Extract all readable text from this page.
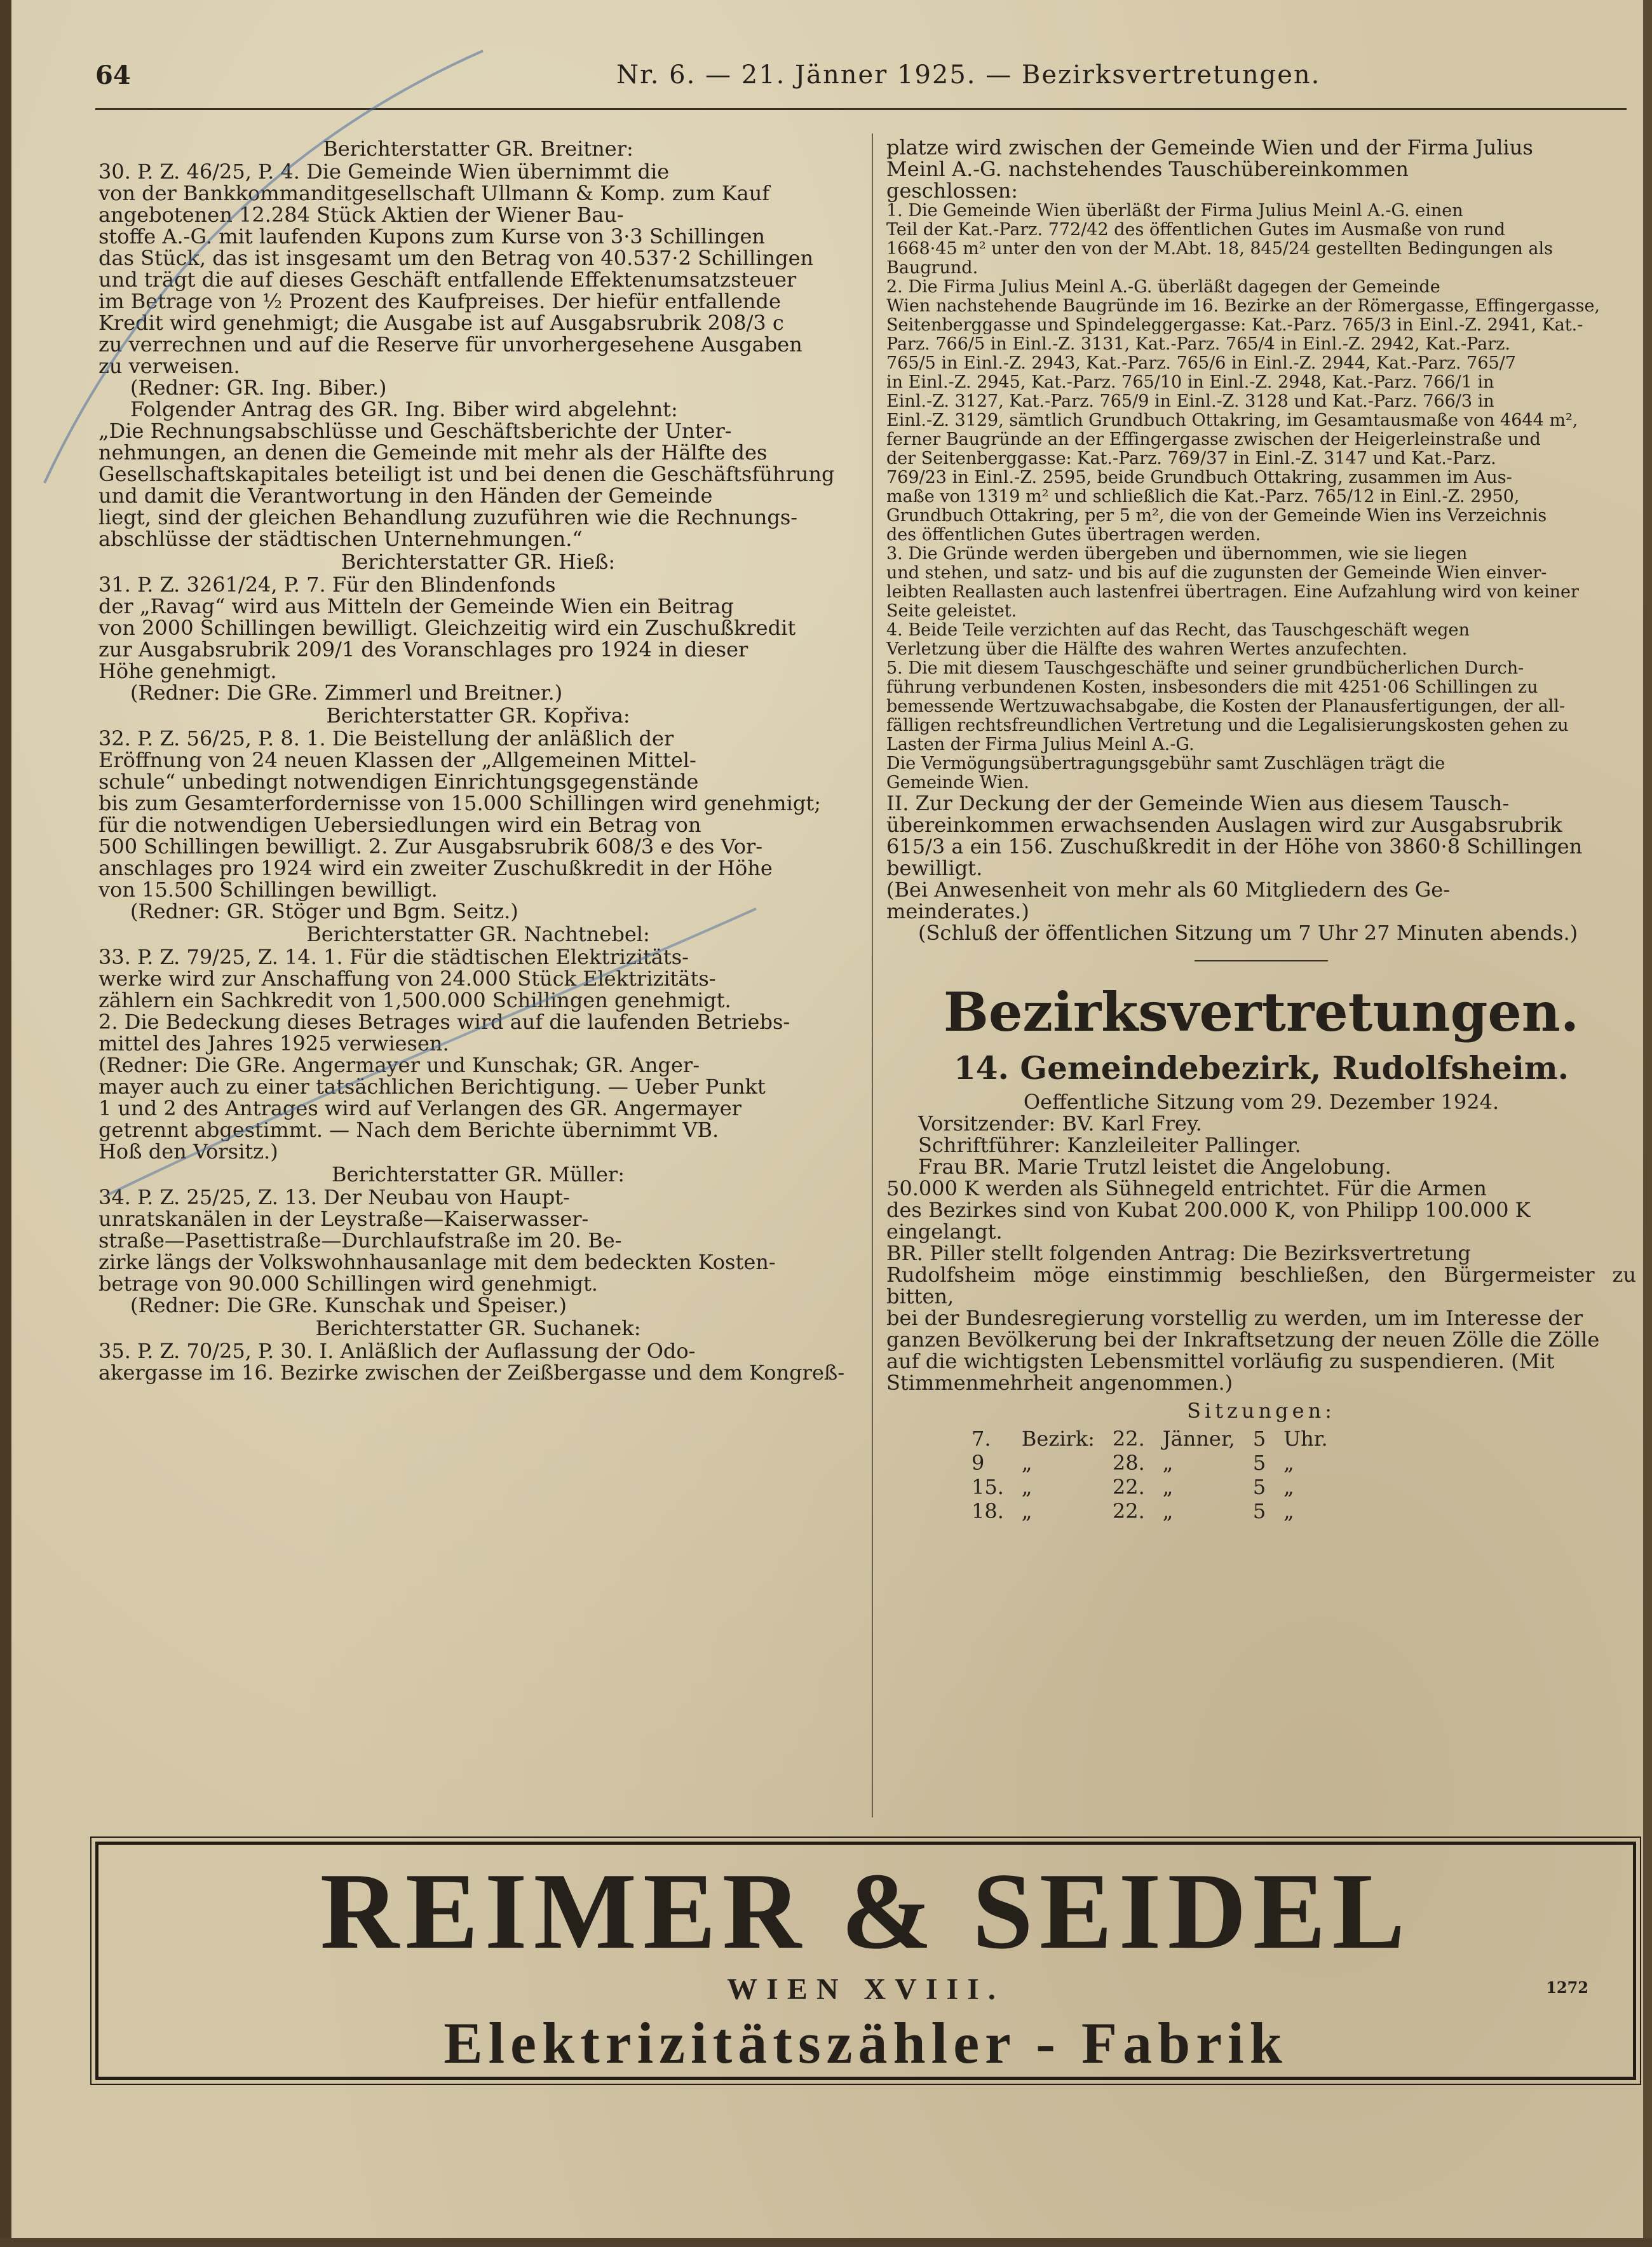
64	Nr. 6. — 21. Jänner 1925. — Bezirksvertretungen.
Berichterstatter GR. Breitner:
30. P. Z. 46/25, P. 4. Die Gemeinde Wien übernimmt die
von der Bankkommanditgesellschaft Ullmann & Komp. zum Kauf
angebotenen 12.284 Stück Aktien der Wiener Bau-
stoffe A.-G. mit laufenden Kupons zum Kurse von 3·3 Schillingen
das Stück, das ist insgesamt um den Betrag von 40.537·2 Schillingen
und trägt die auf dieses Geschäft entfallende Effektenumsatzsteuer
im Betrage von ½ Prozent des Kaufpreises. Der hiefür entfallende
Kredit wird genehmigt; die Ausgabe ist auf Ausgabsrubrik 208/3 c
zu verrechnen und auf die Reserve für unvorhergesehene Ausgaben
zu verweisen.
(Redner: GR. Ing. Biber.)
Folgender Antrag des GR. Ing. Biber wird abgelehnt:
„Die Rechnungsabschlüsse und Geschäftsberichte der Unter-
nehmungen, an denen die Gemeinde mit mehr als der Hälfte des
Gesellschaftskapitales beteiligt ist und bei denen die Geschäftsführung
und damit die Verantwortung in den Händen der Gemeinde
liegt, sind der gleichen Behandlung zuzuführen wie die Rechnungs-
abschlüsse der städtischen Unternehmungen.“
Berichterstatter GR. Hieß:
31. P. Z. 3261/24, P. 7. Für den Blindenfonds
der „Ravag“ wird aus Mitteln der Gemeinde Wien ein Beitrag
von 2000 Schillingen bewilligt. Gleichzeitig wird ein Zuschußkredit
zur Ausgabsrubrik 209/1 des Voranschlages pro 1924 in dieser
Höhe genehmigt.
(Redner: Die GRe. Zimmerl und Breitner.)
Berichterstatter GR. Kopřiva:
32. P. Z. 56/25, P. 8. 1. Die Beistellung der anläßlich der
Eröffnung von 24 neuen Klassen der „Allgemeinen Mittel-
schule“ unbedingt notwendigen Einrichtungsgegenstände
bis zum Gesamterfordernisse von 15.000 Schillingen wird genehmigt;
für die notwendigen Uebersiedlungen wird ein Betrag von
500 Schillingen bewilligt. 2. Zur Ausgabsrubrik 608/3 e des Vor-
anschlages pro 1924 wird ein zweiter Zuschußkredit in der Höhe
von 15.500 Schillingen bewilligt.
(Redner: GR. Stöger und Bgm. Seitz.)
Berichterstatter GR. Nachtnebel:
33. P. Z. 79/25, Z. 14. 1. Für die städtischen Elektrizitäts-
werke wird zur Anschaffung von 24.000 Stück Elektrizitäts-
zählern ein Sachkredit von 1,500.000 Schillingen genehmigt.
2. Die Bedeckung dieses Betrages wird auf die laufenden Betriebs-
mittel des Jahres 1925 verwiesen.
(Redner: Die GRe. Angermayer und Kunschak; GR. Anger-
mayer auch zu einer tatsächlichen Berichtigung. — Ueber Punkt
1 und 2 des Antrages wird auf Verlangen des GR. Angermayer
getrennt abgestimmt. — Nach dem Berichte übernimmt VB.
Hoß den Vorsitz.)
Berichterstatter GR. Müller:
34. P. Z. 25/25, Z. 13. Der Neubau von Haupt-
unratskanälen in der Leystraße—Kaiserwasser-
straße—Pasettistraße—Durchlaufstraße im 20. Be-
zirke längs der Volkswohnhausanlage mit dem bedeckten Kosten-
betrage von 90.000 Schillingen wird genehmigt.
(Redner: Die GRe. Kunschak und Speiser.)
Berichterstatter GR. Suchanek:
35. P. Z. 70/25, P. 30. I. Anläßlich der Auflassung der Odo-
akergasse im 16. Bezirke zwischen der Zeißbergasse und dem Kongreß-
platze wird zwischen der Gemeinde Wien und der Firma Julius
Meinl A.-G. nachstehendes Tauschübereinkommen
geschlossen:
1. Die Gemeinde Wien überläßt der Firma Julius Meinl A.-G. einen
Teil der Kat.-Parz. 772/42 des öffentlichen Gutes im Ausmaße von rund
1668·45 m² unter den von der M.Abt. 18, 845/24 gestellten Bedingungen als
Baugrund.
2. Die Firma Julius Meinl A.-G. überläßt dagegen der Gemeinde
Wien nachstehende Baugründe im 16. Bezirke an der Römergasse, Effingergasse,
Seitenberggasse und Spindeleggergasse: Kat.-Parz. 765/3 in Einl.-Z. 2941, Kat.-
Parz. 766/5 in Einl.-Z. 3131, Kat.-Parz. 765/4 in Einl.-Z. 2942, Kat.-Parz.
765/5 in Einl.-Z. 2943, Kat.-Parz. 765/6 in Einl.-Z. 2944, Kat.-Parz. 765/7
in Einl.-Z. 2945, Kat.-Parz. 765/10 in Einl.-Z. 2948, Kat.-Parz. 766/1 in
Einl.-Z. 3127, Kat.-Parz. 765/9 in Einl.-Z. 3128 und Kat.-Parz. 766/3 in
Einl.-Z. 3129, sämtlich Grundbuch Ottakring, im Gesamtausmaße von 4644 m²,
ferner Baugründe an der Effingergasse zwischen der Heigerleinstraße und
der Seitenberggasse: Kat.-Parz. 769/37 in Einl.-Z. 3147 und Kat.-Parz.
769/23 in Einl.-Z. 2595, beide Grundbuch Ottakring, zusammen im Aus-
maße von 1319 m² und schließlich die Kat.-Parz. 765/12 in Einl.-Z. 2950,
Grundbuch Ottakring, per 5 m², die von der Gemeinde Wien ins Verzeichnis
des öffentlichen Gutes übertragen werden.
3. Die Gründe werden übergeben und übernommen, wie sie liegen
und stehen, und satz- und bis auf die zugunsten der Gemeinde Wien einver-
leibten Reallasten auch lastenfrei übertragen. Eine Aufzahlung wird von keiner
Seite geleistet.
4. Beide Teile verzichten auf das Recht, das Tauschgeschäft wegen
Verletzung über die Hälfte des wahren Wertes anzufechten.
5. Die mit diesem Tauschgeschäfte und seiner grundbücherlichen Durch-
führung verbundenen Kosten, insbesonders die mit 4251·06 Schillingen zu
bemessende Wertzuwachsabgabe, die Kosten der Planausfertigungen, der all-
fälligen rechtsfreundlichen Vertretung und die Legalisierungskosten gehen zu
Lasten der Firma Julius Meinl A.-G.
Die Vermögungsübertragungsgebühr samt Zuschlägen trägt die
Gemeinde Wien.
II. Zur Deckung der der Gemeinde Wien aus diesem Tausch-
übereinkommen erwachsenden Auslagen wird zur Ausgabsrubrik
615/3 a ein 156. Zuschußkredit in der Höhe von 3860·8 Schillingen
bewilligt.
(Bei Anwesenheit von mehr als 60 Mitgliedern des Ge-
meinderates.)
(Schluß der öffentlichen Sitzung um 7 Uhr 27 Minuten abends.)
Bezirksvertretungen.
14. Gemeindebezirk, Rudolfsheim.
Oeffentliche Sitzung vom 29. Dezember 1924.
Vorsitzender: BV. Karl Frey.
Schriftführer: Kanzleileiter Pallinger.
Frau BR. Marie Trutzl leistet die Angelobung.
50.000 K werden als Sühnegeld entrichtet. Für die Armen
des Bezirkes sind von Kubat 200.000 K, von Philipp 100.000 K
eingelangt.
BR. Piller stellt folgenden Antrag: Die Bezirksvertretung
Rudolfsheim möge einstimmig beschließen, den Bürgermeister zu bitten,
bei der Bundesregierung vorstellig zu werden, um im Interesse der
ganzen Bevölkerung bei der Inkraftsetzung der neuen Zölle die Zölle
auf die wichtigsten Lebensmittel vorläufig zu suspendieren. (Mit
Stimmenmehrheit angenommen.)
Sitzungen:
7.	Bezirk:	22.	Jänner,	5	Uhr.
9	„	28.	„	5	„
15.	„	22.	„	5	„
18.	„	22.	„	5	„
REIMER & SEIDEL
WIEN XVIII.	1272
Elektrizitätszähler - Fabrik
